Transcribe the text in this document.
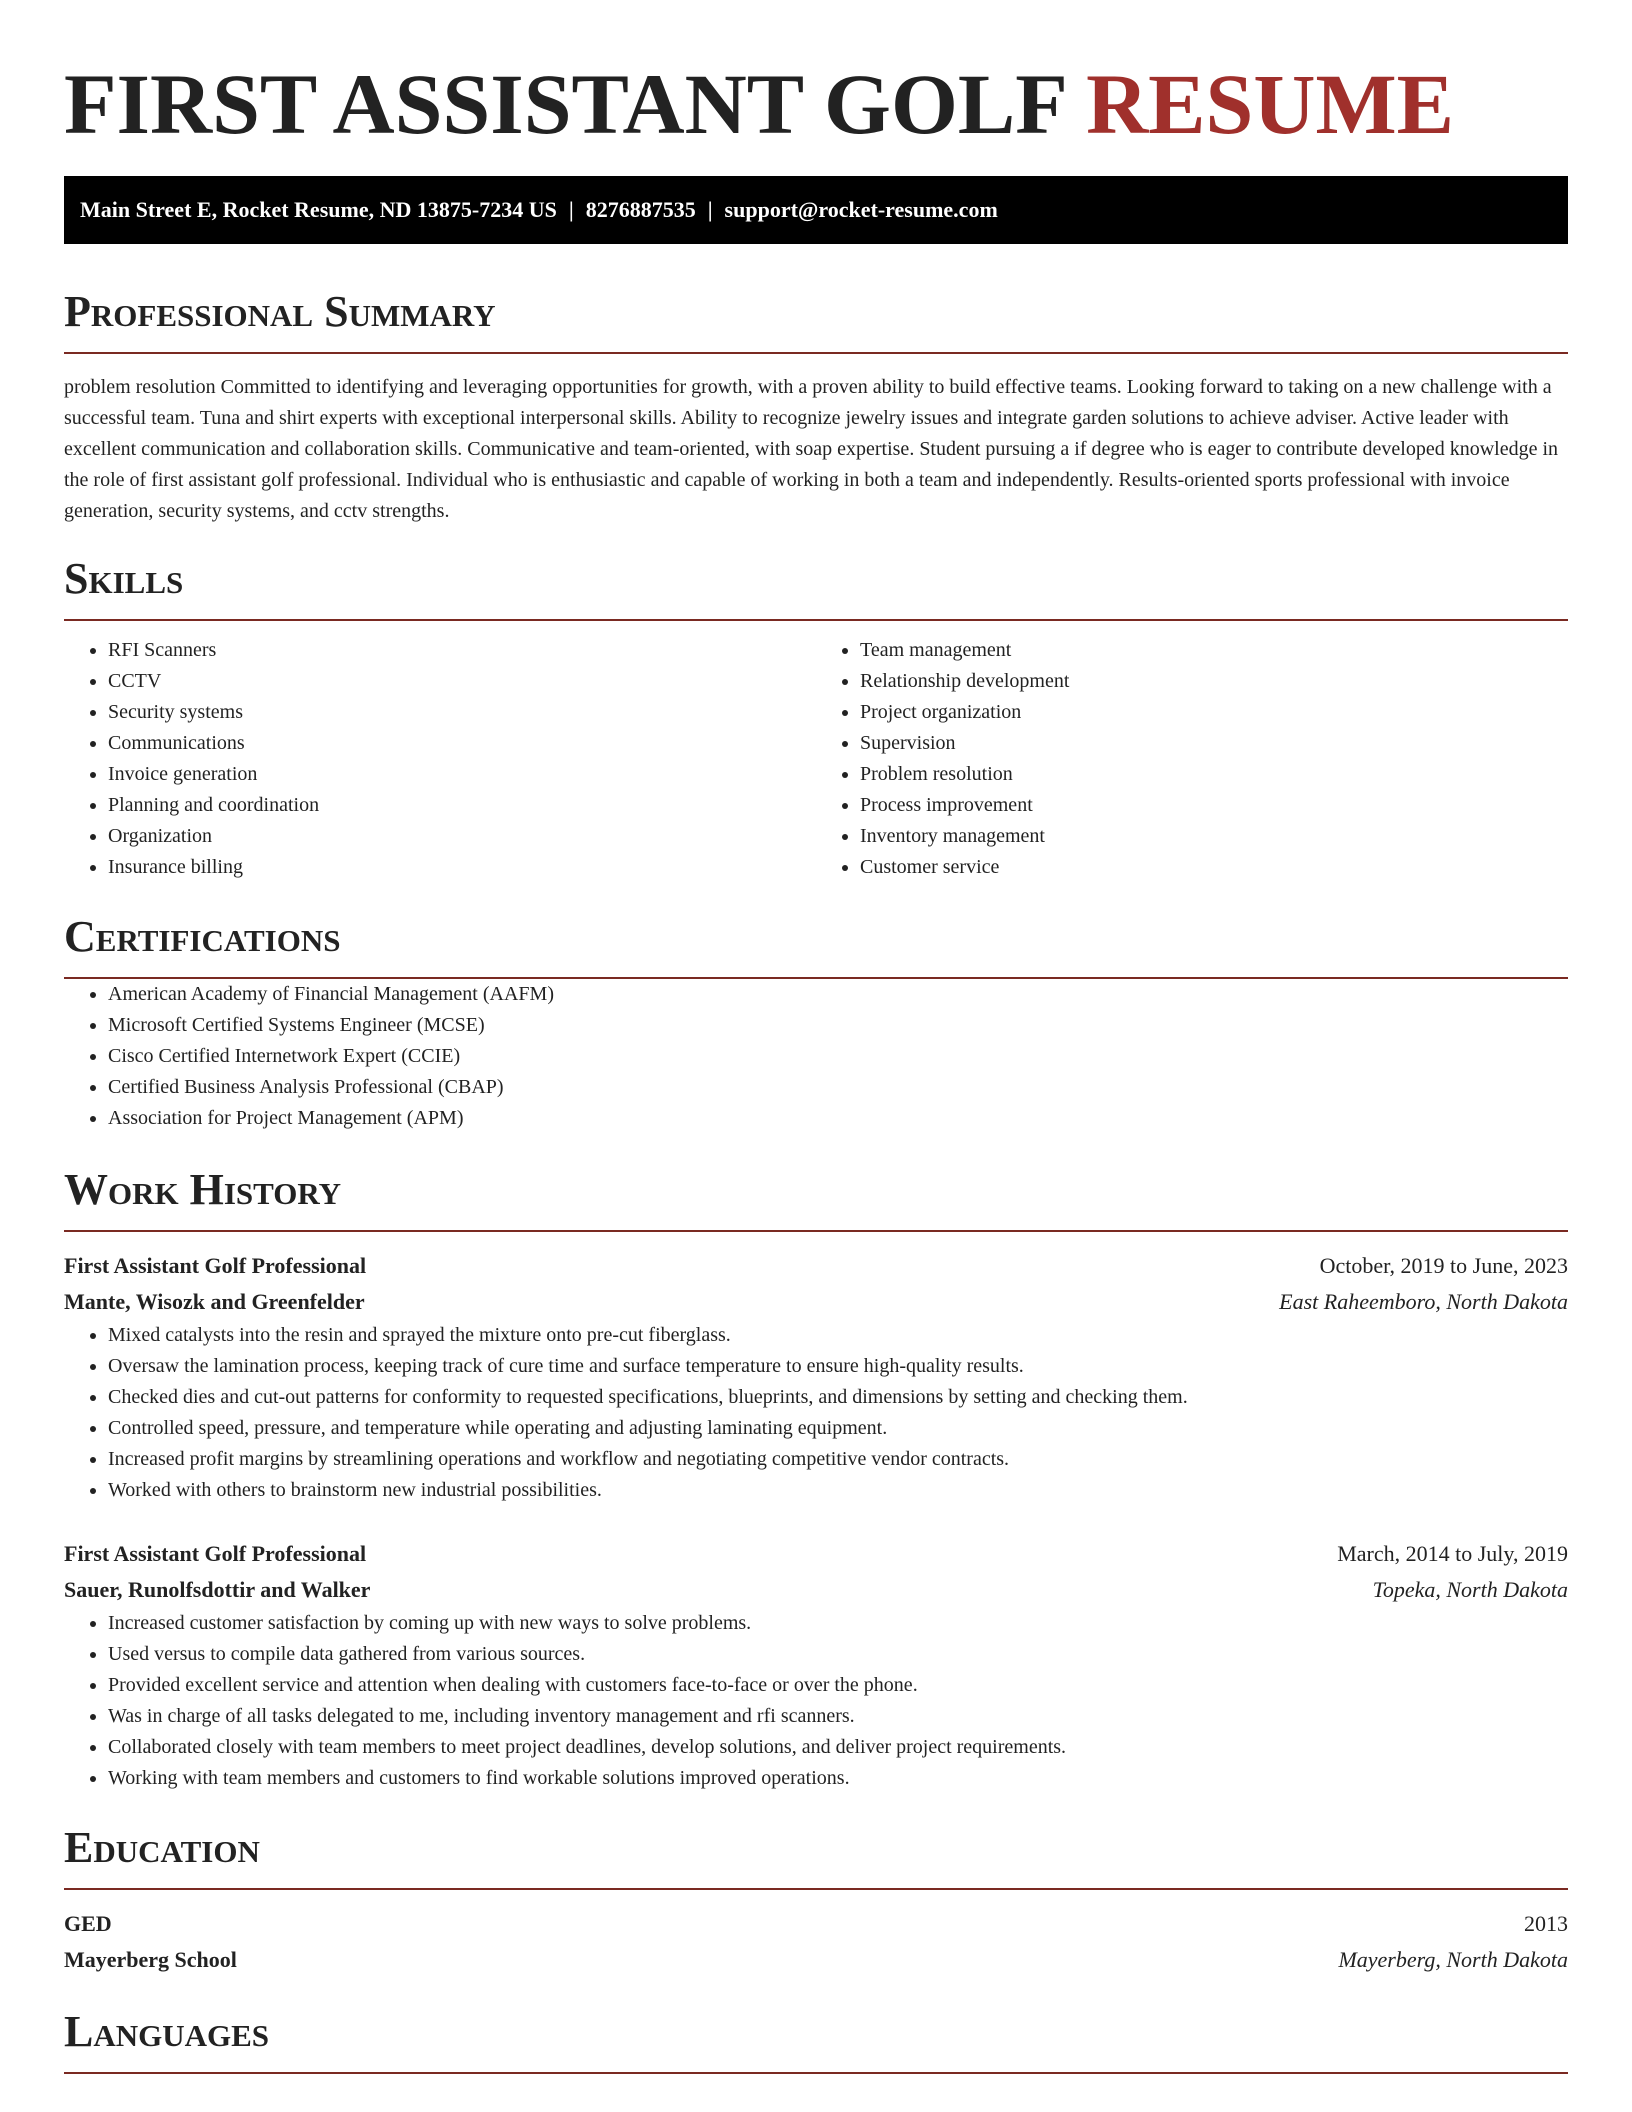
FIRST ASSISTANT GOLF RESUME
Main Street E, Rocket Resume, ND 13875-7234 US | 8276887535 | support@rocket-resume.com
Professional Summary

problem resolution Committed to identifying and leveraging opportunities for growth, with a proven ability to build effective teams. Looking forward to taking on a new challenge with a successful team. Tuna and shirt experts with exceptional interpersonal skills. Ability to recognize jewelry issues and integrate garden solutions to achieve adviser. Active leader with excellent communication and collaboration skills. Communicative and team-oriented, with soap expertise. Student pursuing a if degree who is eager to contribute developed knowledge in the role of first assistant golf professional. Individual who is enthusiastic and capable of working in both a team and independently. Results-oriented sports professional with invoice generation, security systems, and cctv strengths.

Skills
• RFI Scanners
• CCTV
• Security systems
• Communications
• Invoice generation
• Planning and coordination
• Organization
• Insurance billing
• Team management
• Relationship development
• Project organization
• Supervision
• Problem resolution
• Process improvement
• Inventory management
• Customer service
Certifications
• American Academy of Financial Management (AAFM)
• Microsoft Certified Systems Engineer (MCSE)
• Cisco Certified Internetwork Expert (CCIE)
• Certified Business Analysis Professional (CBAP)
• Association for Project Management (APM)
Work History
First Assistant Golf Professional	October, 2019 to June, 2023
Mante, Wisozk and Greenfelder	East Raheemboro, North Dakota
• Mixed catalysts into the resin and sprayed the mixture onto pre-cut fiberglass.
• Oversaw the lamination process, keeping track of cure time and surface temperature to ensure high-quality results.
• Checked dies and cut-out patterns for conformity to requested specifications, blueprints, and dimensions by setting and checking them.
• Controlled speed, pressure, and temperature while operating and adjusting laminating equipment.
• Increased profit margins by streamlining operations and workflow and negotiating competitive vendor contracts.
• Worked with others to brainstorm new industrial possibilities.
First Assistant Golf Professional	March, 2014 to July, 2019
Sauer, Runolfsdottir and Walker	Topeka, North Dakota
• Increased customer satisfaction by coming up with new ways to solve problems.
• Used versus to compile data gathered from various sources.
• Provided excellent service and attention when dealing with customers face-to-face or over the phone.
• Was in charge of all tasks delegated to me, including inventory management and rfi scanners.
• Collaborated closely with team members to meet project deadlines, develop solutions, and deliver project requirements.
• Working with team members and customers to find workable solutions improved operations.
Education
GED	2013
Mayerberg School	Mayerberg, North Dakota
Languages
